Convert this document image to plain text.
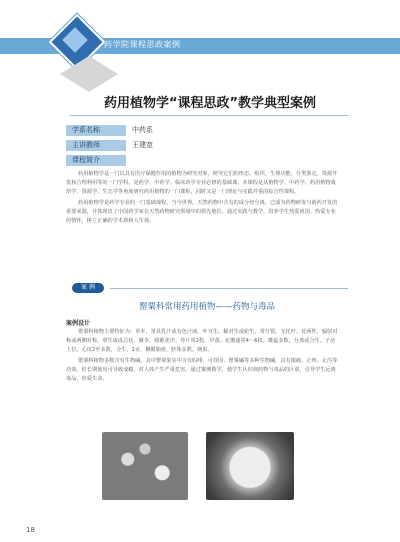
药学院课程思政案例
药用植物学“课程思政”教学典型案例
学系名称	中药系
主讲教师	王建宽
课程简介

药用植物学是一门以具有医疗保健作用的植物为研究对象，研究它们的形态、组织、生理功能、分类鉴定、资源开发和合理利用等的一门学科，是药学、中药学、临床药学专业必修的基础课。本课程是从植物学、中药学、药用植物栽培学、资源学、生态学等角度研究药用植物的一门课程，同时又是一门理论与实践并重的综合性课程。

药用植物学是药学专业的一门基础课程。当今世界，天然药物中含有的成分经分离，已成为药物研发与新药开发的重要来源，并体现出了中国药学家在天然药物研究领域中的领先地位。通过实践与教学，培养学生热爱祖国、热爱专业的情怀，树立正确的学术观和人生观。

案 例
罂粟科常用药用植物——药物与毒品
案例设计

罂粟科植物主要特征为：草本，常具乳汁或有色汁液。叶互生，稀对生或轮生，常分裂，无托叶。花两性，辐射对称或两侧对称，单生或成总状、聚伞、圆锥花序。萼片常2枚，早落。花瓣通常4～6枚。雄蕊多数，分离或合生。子房上位，心皮2至多数，合生，1室，侧膜胎座，胚珠多数。蒴果。

罂粟科植物多数含有生物碱，其中罂粟果实中含有吗啡、可待因、罂粟碱等多种生物碱，具有镇痛、止咳、止泻等功效，但长期使用可导致成瘾，对人体产生严重危害。通过案例教学，使学生认识到药物与毒品的区别，引导学生远离毒品，珍爱生命。

18
